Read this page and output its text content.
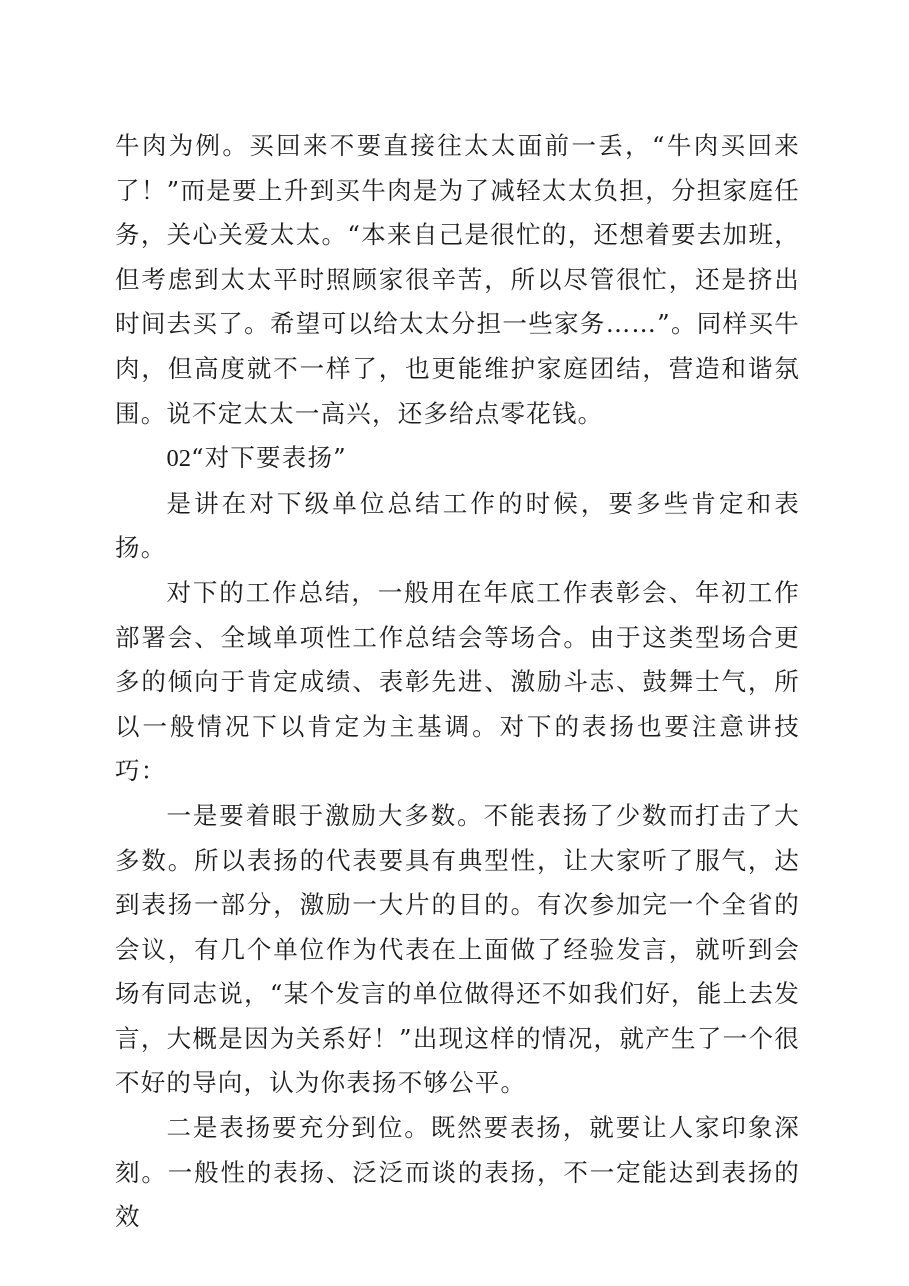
牛肉为例。买回来不要直接往太太面前一丢，“牛肉买回来了！”而是要上升到买牛肉是为了减轻太太负担，分担家庭任务，关心关爱太太。“本来自己是很忙的，还想着要去加班，但考虑到太太平时照顾家很辛苦，所以尽管很忙，还是挤出时间去买了。希望可以给太太分担一些家务……”。同样买牛肉，但高度就不一样了，也更能维护家庭团结，营造和谐氛围。说不定太太一高兴，还多给点零花钱。

02“对下要表扬”

是讲在对下级单位总结工作的时候，要多些肯定和表扬。

对下的工作总结，一般用在年底工作表彰会、年初工作部署会、全域单项性工作总结会等场合。由于这类型场合更多的倾向于肯定成绩、表彰先进、激励斗志、鼓舞士气，所以一般情况下以肯定为主基调。对下的表扬也要注意讲技巧：

一是要着眼于激励大多数。不能表扬了少数而打击了大多数。所以表扬的代表要具有典型性，让大家听了服气，达到表扬一部分，激励一大片的目的。有次参加完一个全省的会议，有几个单位作为代表在上面做了经验发言，就听到会场有同志说，“某个发言的单位做得还不如我们好，能上去发言，大概是因为关系好！”出现这样的情况，就产生了一个很不好的导向，认为你表扬不够公平。

二是表扬要充分到位。既然要表扬，就要让人家印象深刻。一般性的表扬、泛泛而谈的表扬，不一定能达到表扬的效
